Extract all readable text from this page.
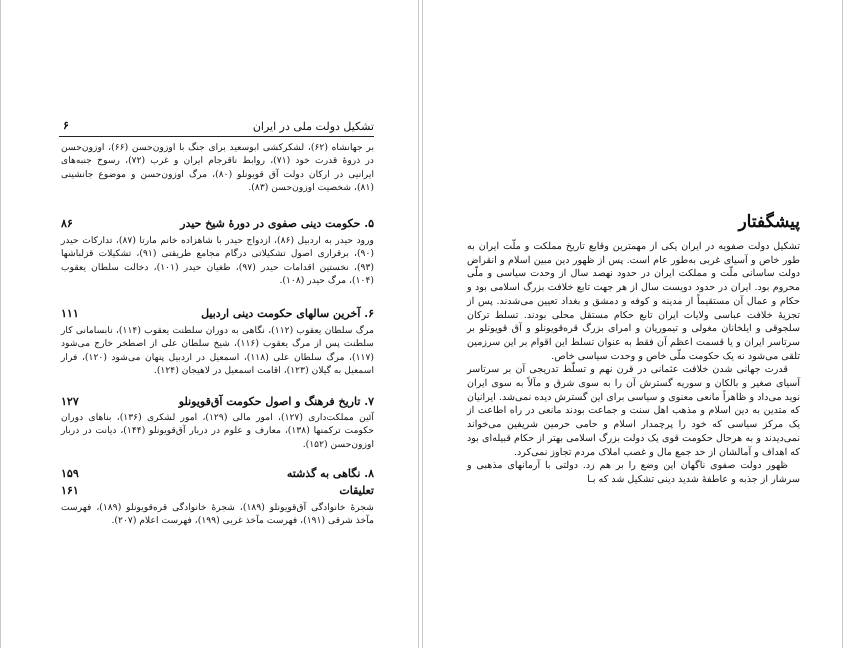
تشکیل دولت ملی در ایران
۶

بر جهانشاه (۶۲)، لشکرکشی ابوسعید برای جنگ با اوزون‌حسن (۶۶)، اوزون‌حسن در ذروهٔ قدرت خود (۷۱)، روابط ناقرجام ایران و غرب (۷۲)، رسوخ جنبه‌های ایرانیی در ارکان دولت آق قویونلو (۸۰)، مرگ اوزون‌حسن و موضوع جانشینی (۸۱)، شخصیت اوزون‌حسن (۸۳).

۵. حکومت دینی صفوی در دورهٔ شیخ حیدر
۸۶

ورود حیدر به اردبیل (۸۶)، ازدواج حیدر با شاهزاده خانم مارتا (۸۷)، تدارکات حیدر (۹۰)، برقراری اصول تشکیلاتی درگام مجامع طریقتی (۹۱)، تشکیلات قزلباشها (۹۳)، نخستین اقدامات حیدر (۹۷)، طغیان حیدر (۱۰۱)، دخالت سلطان یعقوب (۱۰۴)، مرگ حیدر (۱۰۸).

۶. آخرین سالهای حکومت دینی اردبیل
۱۱۱

مرگ سلطان یعقوب (۱۱۲)، نگاهی به دوران سلطنت یعقوب (۱۱۴)، نابسامانی کار سلطنت پس از مرگ یعقوب (۱۱۶)، شیخ سلطان علی از اصطخر خارج می‌شود (۱۱۷)، مرگ سلطان علی (۱۱۸)، اسمعیل در اردبیل پنهان می‌شود (۱۲۰)، فرار اسمعیل به گیلان (۱۲۳)، اقامت اسمعیل در لاهیجان (۱۲۴).

۷. تاریخ فرهنگ و اصول حکومت آق‌قویونلو
۱۲۷

آئین مملکت‌داری (۱۲۷)، امور مالی (۱۲۹)، امور لشکری (۱۳۶)، بناهای دوران حکومت ترکمنها (۱۳۸)، معارف و علوم در دربار آق‌قویونلو (۱۴۴)، دیانت در دربار اوزون‌حسن (۱۵۲).

۸. نگاهی به گذشته
۱۵۹
تعلیقات
۱۶۱

شجرهٔ خانوادگی آق‌قویونلو (۱۸۹)، شجرهٔ خانوادگی قره‌قویونلو (۱۸۹)، فهرست مآخذ شرقی (۱۹۱)، فهرست مآخذ غربی (۱۹۹)، فهرست اعلام (۲۰۷).

پیشگفتار

تشکیل دولت صفویه در ایران یکی از مهمترین وقایع تاریخ مملکت و ملّت ایران به طور خاص و آسیای غربی به‌طور عام است. پس از ظهور دین مبین اسلام و انقراض دولت ساسانی ملّت و مملکت ایران در حدود نهصد سال از وحدت سیاسی و ملّی محروم بود. ایران در حدود دویست سال از هر جهت تابع خلافت بزرگ اسلامی بود و حکام و عمال آن مستقیماً از مدینه و کوفه و دمشق و بغداد تعیین می‌شدند. پس از تجزیهٔ خلافت عباسی ولایات ایران تابع حکام مستقل محلی بودند. تسلط ترکان سلجوقی و ایلخانان مغولی و تیموریان و امرای بزرگ قره‌قویونلو و آق قویونلو بر سرتاسر ایران و یا قسمت اعظم آن فقط به عنوان تسلط این اقوام بر این سرزمین تلقی می‌شود نه یک حکومت ملّی خاص و وحدت سیاسی خاص.

قدرت جهانی شدن خلافت عثمانی در قرن نهم و تسلّط تدریجی آن بر سرتاسر آسیای صغیر و بالکان و سوریه گسترش آن را به سوی شرق و مآلاً به سوی ایران نوید می‌داد و ظاهراً مانعی معنوی و سیاسی برای این گسترش دیده نمی‌شد. ایرانیان که متدین به دین اسلام و مذهب اهل سنت و جماعت بودند مانعی در راه اطاعت از یک مرکز سیاسی که خود را پرچمدار اسلام و حامی حرمین شریفین می‌خواند نمی‌دیدند و به هرحال حکومت قوی یک دولت بزرگ اسلامی بهتر از حکام قبیله‌ای بود که اهداف و آمالشان از حد جمع مال و غصب املاک مردم تجاوز نمی‌کرد.

ظهور دولت صفوی ناگهان این وضع را بر هم زد. دولتی با آرمانهای مذهبی و سرشار از جذبه و عاطفهٔ شدید دینی تشکیل شد که بـا
